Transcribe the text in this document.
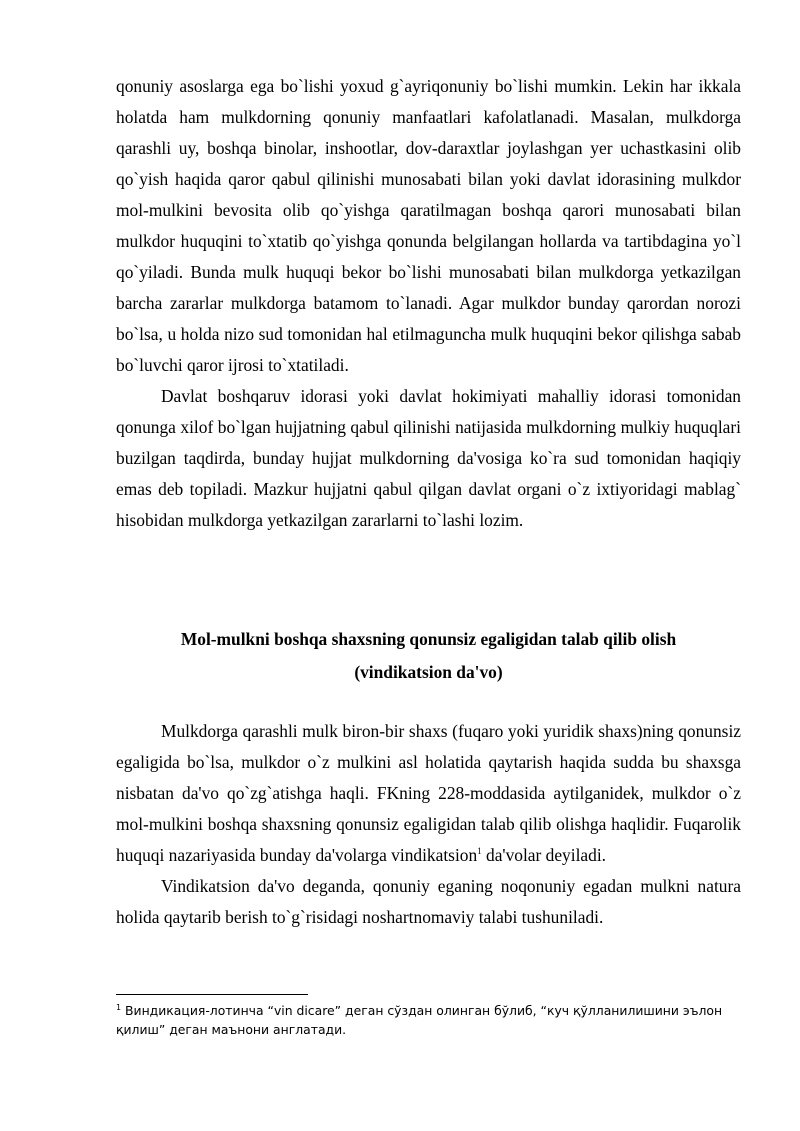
qonuniy asoslarga ega bo`lishi yoxud g`ayriqonuniy bo`lishi mumkin. Lekin har ikkala holatda ham mulkdorning qonuniy manfaatlari kafolatlanadi. Masalan, mulkdorga qarashli uy, boshqa binolar, inshootlar, dov-daraxtlar joylashgan yer uchastkasini olib qo`yish haqida qaror qabul qilinishi munosabati bilan yoki davlat idorasining mulkdor mol-mulkini bevosita olib qo`yishga qaratilmagan boshqa qarori munosabati bilan mulkdor huquqini to`xtatib qo`yishga qonunda belgilangan hollarda va tartibdagina yo`l qo`yiladi. Bunda mulk huquqi bekor bo`lishi munosabati bilan mulkdorga yetkazilgan barcha zararlar mulkdorga batamom to`lanadi. Agar mulkdor bunday qarordan norozi bo`lsa, u holda nizo sud tomonidan hal etilmaguncha mulk huquqini bekor qilishga sabab bo`luvchi qaror ijrosi to`xtatiladi.

Davlat boshqaruv idorasi yoki davlat hokimiyati mahalliy idorasi tomonidan qonunga xilof bo`lgan hujjatning qabul qilinishi natijasida mulkdorning mulkiy huquqlari buzilgan taqdirda, bunday hujjat mulkdorning da'vosiga ko`ra sud tomonidan haqiqiy emas deb topiladi. Mazkur hujjatni qabul qilgan davlat organi o`z ixtiyoridagi mablag` hisobidan mulkdorga yetkazilgan zararlarni to`lashi lozim.

Mol-mulkni boshqa shaxsning qonunsiz egaligidan talab qilib olish
(vindikatsion da'vo)

Mulkdorga qarashli mulk biron-bir shaxs (fuqaro yoki yuridik shaxs)ning qonunsiz egaligida bo`lsa, mulkdor o`z mulkini asl holatida qaytarish haqida sudda bu shaxsga nisbatan da'vo qo`zg`atishga haqli. FKning 228-moddasida aytilganidek, mulkdor o`z mol-mulkini boshqa shaxsning qonunsiz egaligidan talab qilib olishga haqlidir. Fuqarolik huquqi nazariyasida bunday da'volarga vindikatsion$^1$ da'volar deyiladi.

Vindikatsion da'vo deganda, qonuniy eganing noqonuniy egadan mulkni natura holida qaytarib berish to`g`risidagi noshartnomaviy talabi tushuniladi.

$^1$ Виндикация-лотинча “vin dicare” деган сўздан олинган бўлиб, “куч қўлланилишини эълон қилиш” деган маънони англатади.
